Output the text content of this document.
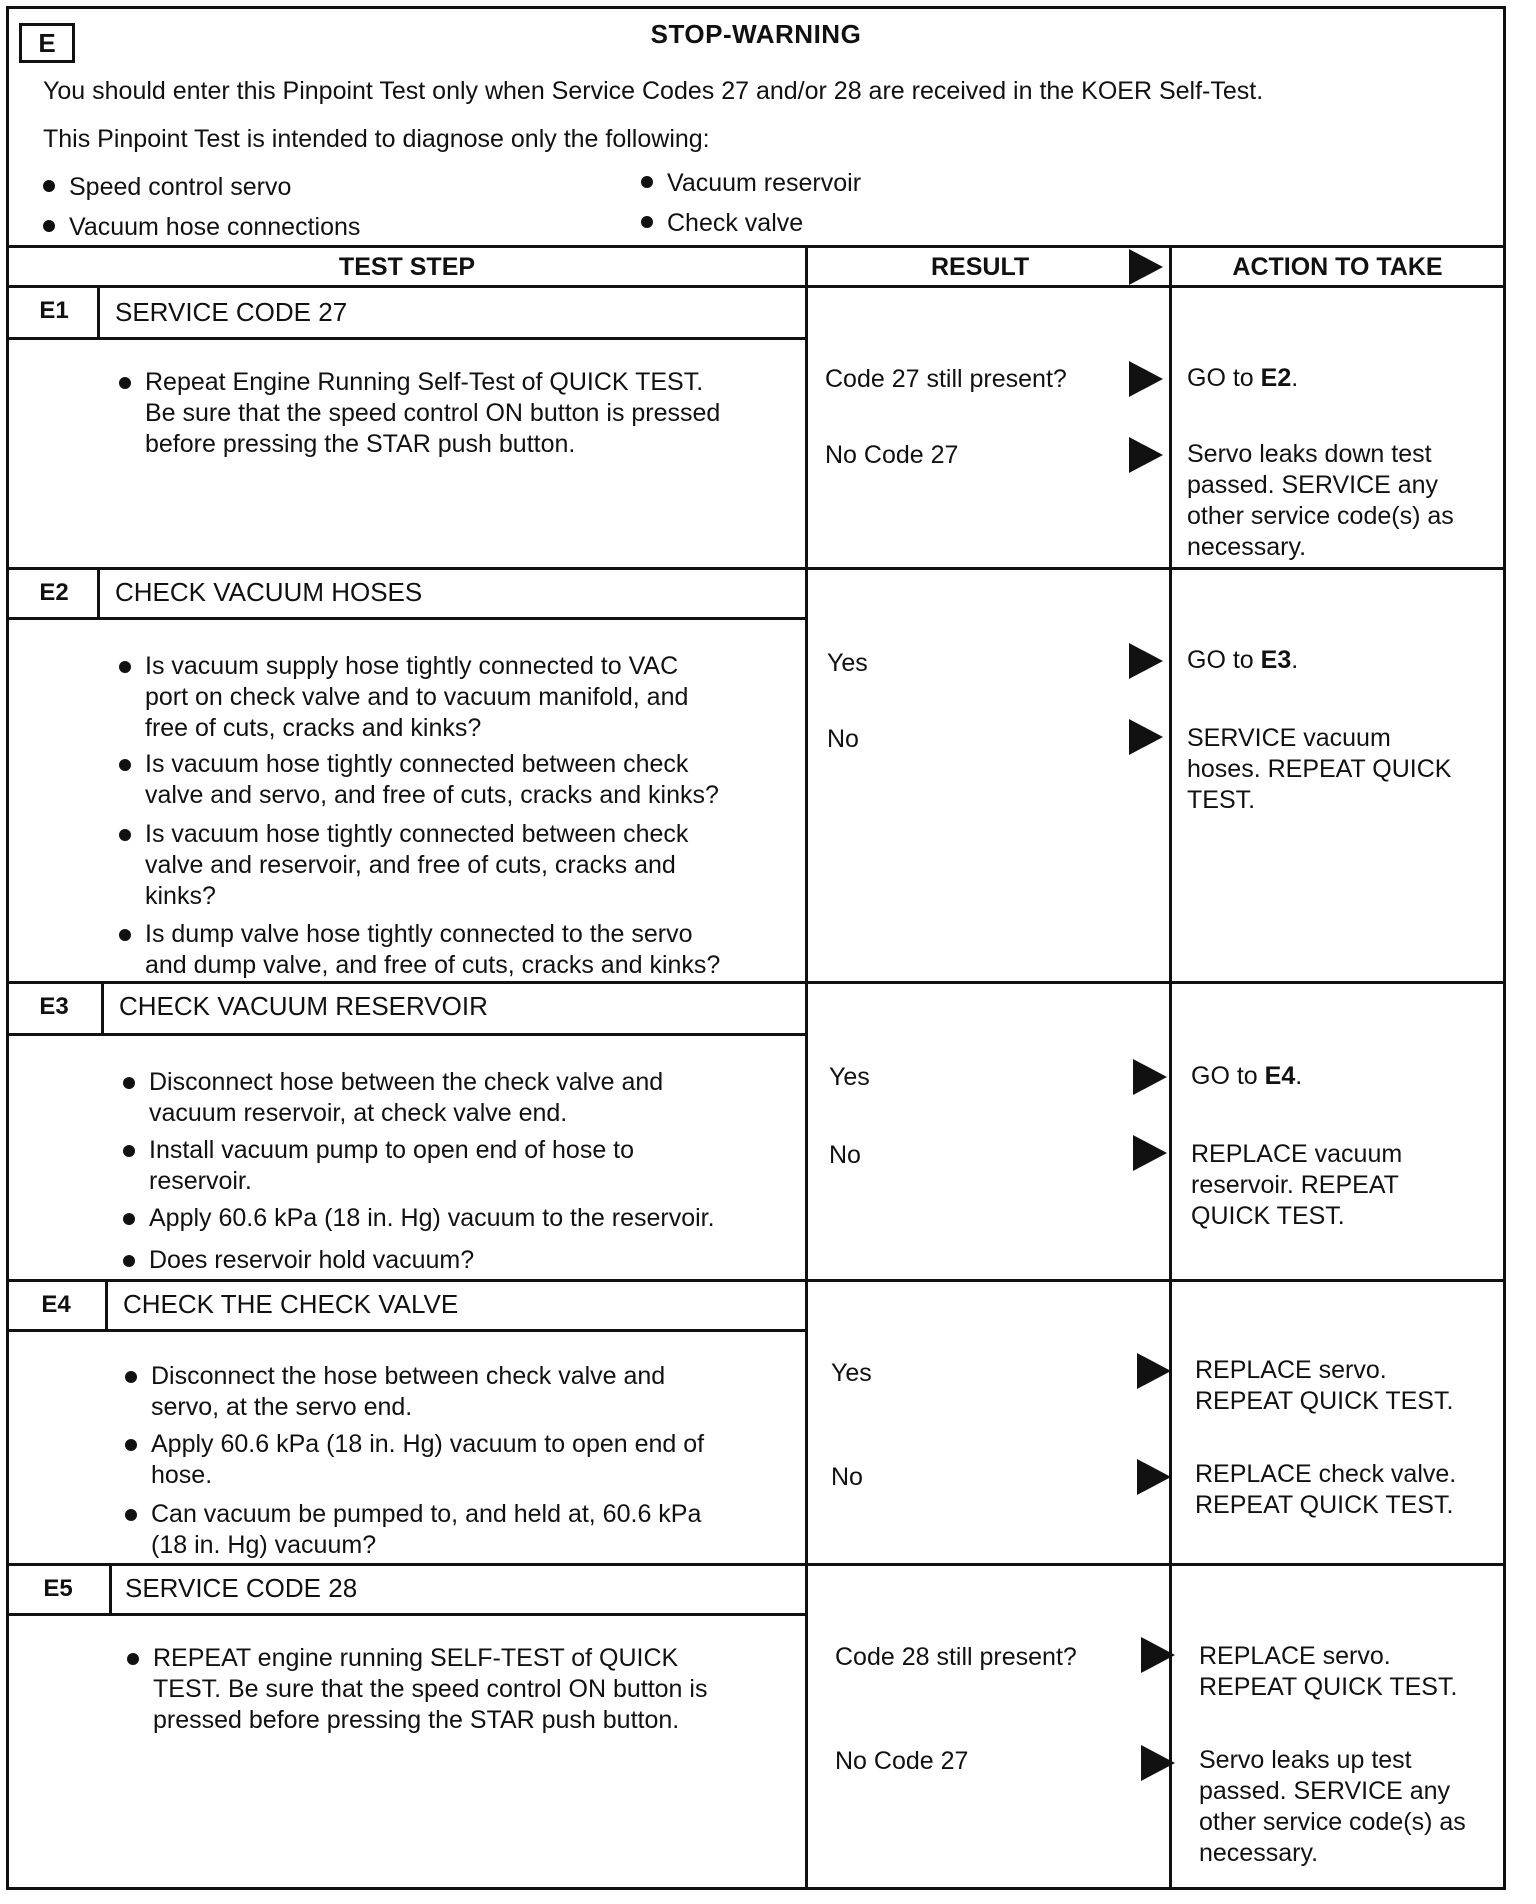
E	STOP-WARNING
You should enter this Pinpoint Test only when Service Codes 27 and/or 28 are received in the KOER Self-Test.
This Pinpoint Test is intended to diagnose only the following:
Speed control servo
Vacuum hose connections
Vacuum reservoir
Check valve
TEST STEP	RESULT	ACTION TO TAKE
E1	SERVICE CODE 27
Repeat Engine Running Self-Test of QUICK TEST.
Be sure that the speed control ON button is pressed
before pressing the STAR push button.
Code 27 still present?	GO to E2.
No Code 27	Servo leaks down test
passed. SERVICE any
other service code(s) as
necessary.
E2	CHECK VACUUM HOSES
Is vacuum supply hose tightly connected to VAC
port on check valve and to vacuum manifold, and
free of cuts, cracks and kinks?
Is vacuum hose tightly connected between check
valve and servo, and free of cuts, cracks and kinks?
Is vacuum hose tightly connected between check
valve and reservoir, and free of cuts, cracks and
kinks?
Is dump valve hose tightly connected to the servo
and dump valve, and free of cuts, cracks and kinks?
Yes	GO to E3.
No	SERVICE vacuum
hoses. REPEAT QUICK
TEST.
E3	CHECK VACUUM RESERVOIR
Disconnect hose between the check valve and
vacuum reservoir, at check valve end.
Install vacuum pump to open end of hose to
reservoir.
Apply 60.6 kPa (18 in. Hg) vacuum to the reservoir.
Does reservoir hold vacuum?
Yes	GO to E4.
No	REPLACE vacuum
reservoir. REPEAT
QUICK TEST.
E4	CHECK THE CHECK VALVE
Disconnect the hose between check valve and
servo, at the servo end.
Apply 60.6 kPa (18 in. Hg) vacuum to open end of
hose.
Can vacuum be pumped to, and held at, 60.6 kPa
(18 in. Hg) vacuum?
Yes	REPLACE servo.
REPEAT QUICK TEST.
No	REPLACE check valve.
REPEAT QUICK TEST.
E5	SERVICE CODE 28
REPEAT engine running SELF-TEST of QUICK
TEST. Be sure that the speed control ON button is
pressed before pressing the STAR push button.
Code 28 still present?	REPLACE servo.
REPEAT QUICK TEST.
No Code 27	Servo leaks up test
passed. SERVICE any
other service code(s) as
necessary.
